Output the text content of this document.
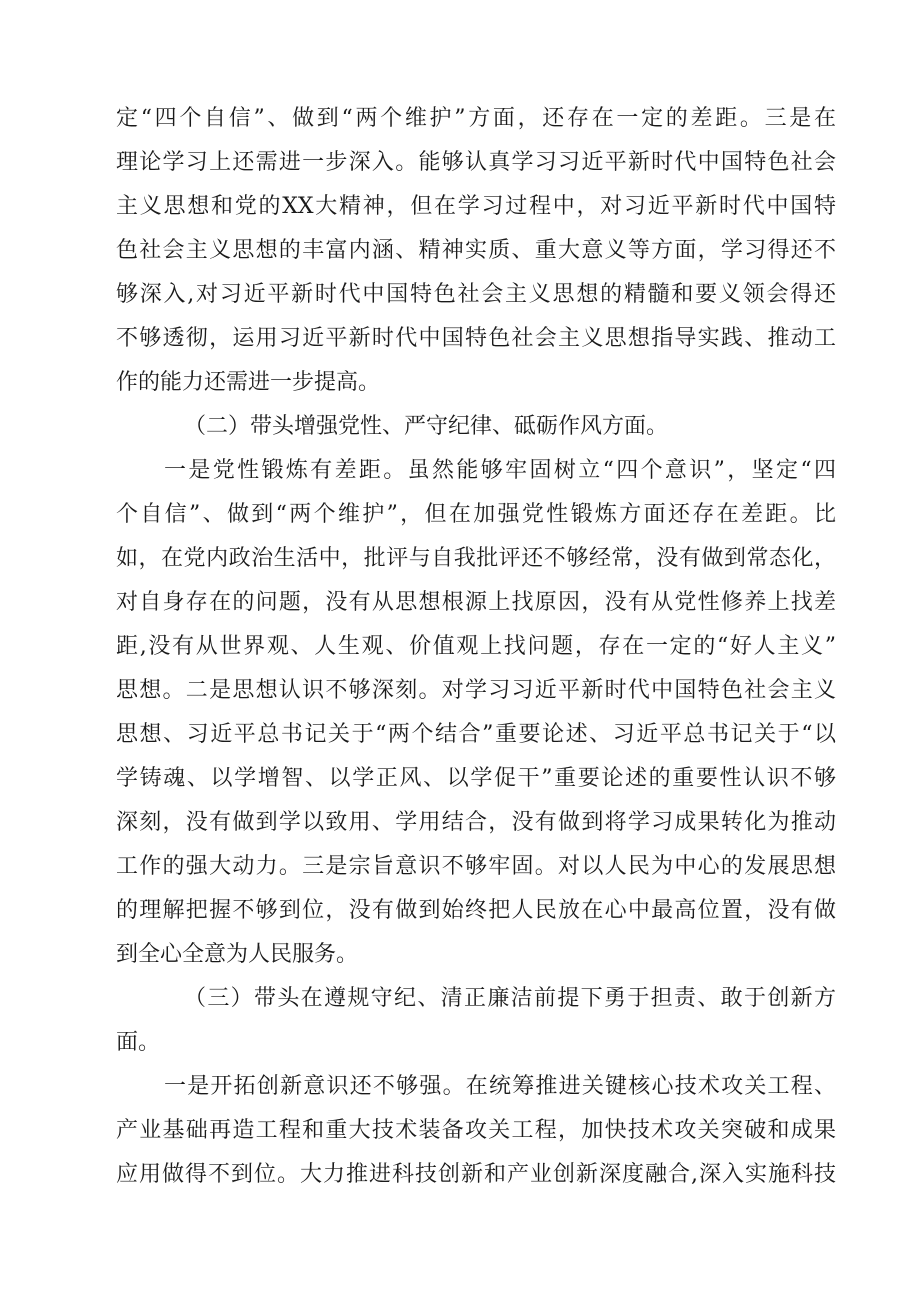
定“四个自信”、做到“两个维护”方面，还存在一定的差距。三是在
理论学习上还需进一步深入。能够认真学习习近平新时代中国特色社会
主义思想和党的XX大精神，但在学习过程中，对习近平新时代中国特
色社会主义思想的丰富内涵、精神实质、重大意义等方面，学习得还不
够深入,对习近平新时代中国特色社会主义思想的精髓和要义领会得还
不够透彻，运用习近平新时代中国特色社会主义思想指导实践、推动工
作的能力还需进一步提高。
（二）带头增强党性、严守纪律、砥砺作风方面。
一是党性锻炼有差距。虽然能够牢固树立“四个意识”，坚定“四
个自信”、做到“两个维护”，但在加强党性锻炼方面还存在差距。比
如，在党内政治生活中，批评与自我批评还不够经常，没有做到常态化，
对自身存在的问题，没有从思想根源上找原因，没有从党性修养上找差
距,没有从世界观、人生观、价值观上找问题，存在一定的“好人主义”
思想。二是思想认识不够深刻。对学习习近平新时代中国特色社会主义
思想、习近平总书记关于“两个结合”重要论述、习近平总书记关于“以
学铸魂、以学增智、以学正风、以学促干”重要论述的重要性认识不够
深刻，没有做到学以致用、学用结合，没有做到将学习成果转化为推动
工作的强大动力。三是宗旨意识不够牢固。对以人民为中心的发展思想
的理解把握不够到位，没有做到始终把人民放在心中最高位置，没有做
到全心全意为人民服务。
（三）带头在遵规守纪、清正廉洁前提下勇于担责、敢于创新方
面。
一是开拓创新意识还不够强。在统筹推进关键核心技术攻关工程、
产业基础再造工程和重大技术装备攻关工程，加快技术攻关突破和成果
应用做得不到位。大力推进科技创新和产业创新深度融合,深入实施科技
